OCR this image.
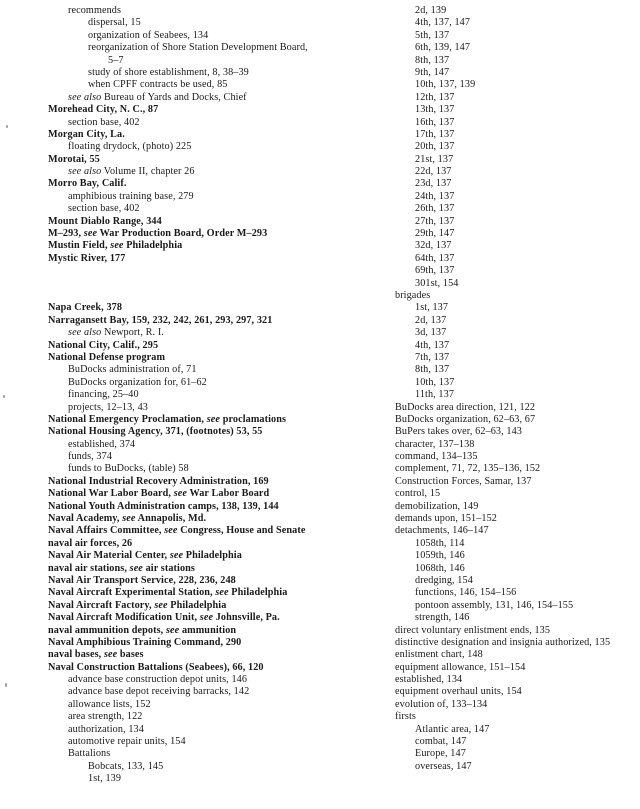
recommends
dispersal, 15
organization of Seabees, 134
reorganization of Shore Station Development Board,
5–7
study of shore establishment, 8, 38–39
when CPFF contracts be used, 85
see also Bureau of Yards and Docks, Chief
Morehead City, N. C., 87
section base, 402
Morgan City, La.
floating drydock, (photo) 225
Morotai, 55
see also Volume II, chapter 26
Morro Bay, Calif.
amphibious training base, 279
section base, 402
Mount Diablo Range, 344
M–293, see War Production Board, Order M–293
Mustin Field, see Philadelphia
Mystic River, 177
Napa Creek, 378
Narragansett Bay, 159, 232, 242, 261, 293, 297, 321
see also Newport, R. I.
National City, Calif., 295
National Defense program
BuDocks administration of, 71
BuDocks organization for, 61–62
financing, 25–40
projects, 12–13, 43
National Emergency Proclamation, see proclamations
National Housing Agency, 371, (footnotes) 53, 55
established, 374
funds, 374
funds to BuDocks, (table) 58
National Industrial Recovery Administration, 169
National War Labor Board, see War Labor Board
National Youth Administration camps, 138, 139, 144
Naval Academy, see Annapolis, Md.
Naval Affairs Committee, see Congress, House and Senate
naval air forces, 26
Naval Air Material Center, see Philadelphia
naval air stations, see air stations
Naval Air Transport Service, 228, 236, 248
Naval Aircraft Experimental Station, see Philadelphia
Naval Aircraft Factory, see Philadelphia
Naval Aircraft Modification Unit, see Johnsville, Pa.
naval ammunition depots, see ammunition
Naval Amphibious Training Command, 290
naval bases, see bases
Naval Construction Battalions (Seabees), 66, 120
advance base construction depot units, 146
advance base depot receiving barracks, 142
allowance lists, 152
area strength, 122
authorization, 134
automotive repair units, 154
Battalions
Bobcats, 133, 145
1st, 139
2d, 139
4th, 137, 147
5th, 137
6th, 139, 147
8th, 137
9th, 147
10th, 137, 139
12th, 137
13th, 137
16th, 137
17th, 137
20th, 137
21st, 137
22d, 137
23d, 137
24th, 137
26th, 137
27th, 137
29th, 147
32d, 137
64th, 137
69th, 137
301st, 154
brigades
1st, 137
2d, 137
3d, 137
4th, 137
7th, 137
8th, 137
10th, 137
11th, 137
BuDocks area direction, 121, 122
BuDocks organization, 62–63, 67
BuPers takes over, 62–63, 143
character, 137–138
command, 134–135
complement, 71, 72, 135–136, 152
Construction Forces, Samar, 137
control, 15
demobilization, 149
demands upon, 151–152
detachments, 146–147
1058th, 114
1059th, 146
1068th, 146
dredging, 154
functions, 146, 154–156
pontoon assembly, 131, 146, 154–155
strength, 146
direct voluntary enlistment ends, 135
distinctive designation and insignia authorized, 135
enlistment chart, 148
equipment allowance, 151–154
established, 134
equipment overhaul units, 154
evolution of, 133–134
firsts
Atlantic area, 147
combat, 147
Europe, 147
overseas, 147
